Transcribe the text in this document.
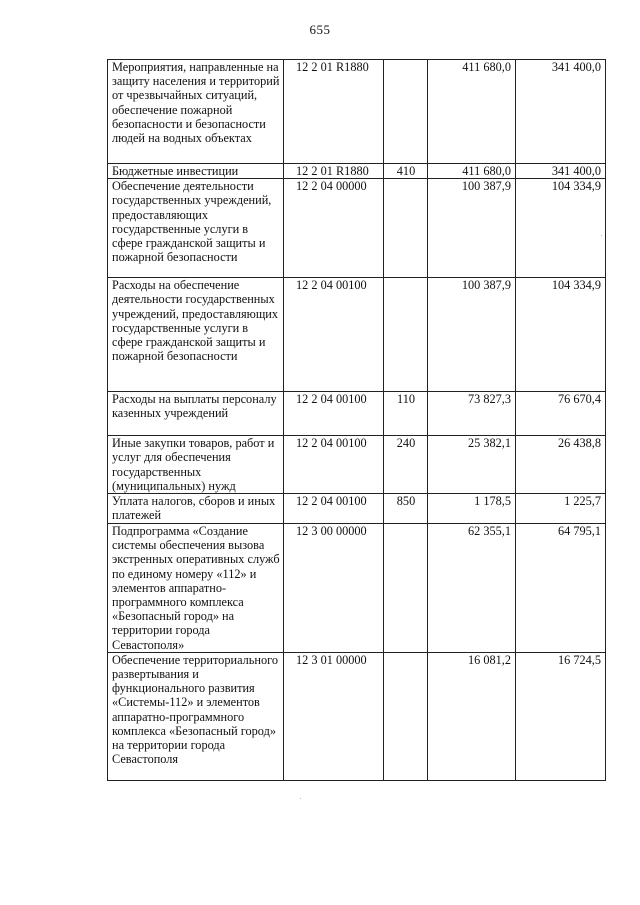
655
Мероприятия, направленные на защиту населения и территорий от чрезвычайных ситуаций, обеспечение пожарной безопасности и безопасности людей на водных объектах	12 2 01 R1880		411 680,0	341 400,0
Бюджетные инвестиции	12 2 01 R1880	410	411 680,0	341 400,0
Обеспечение деятельности государственных учреждений, предоставляющих государственные услуги в сфере гражданской защиты и пожарной безопасности	12 2 04 00000		100 387,9	104 334,9
Расходы на обеспечение деятельности государственных учреждений, предоставляющих государственные услуги в сфере гражданской защиты и пожарной безопасности	12 2 04 00100		100 387,9	104 334,9
Расходы на выплаты персоналу казенных учреждений	12 2 04 00100	110	73 827,3	76 670,4
Иные закупки товаров, работ и услуг для обеспечения государственных (муниципальных) нужд	12 2 04 00100	240	25 382,1	26 438,8
Уплата налогов, сборов и иных платежей	12 2 04 00100	850	1 178,5	1 225,7
Подпрограмма «Создание системы обеспечения вызова экстренных оперативных служб по единому номеру «112» и элементов аппаратно-программного комплекса «Безопасный город» на территории города Севастополя»	12 3 00 00000		62 355,1	64 795,1
Обеспечение территориального развертывания и функционального развития «Системы-112» и элементов аппаратно-программного комплекса «Безопасный город» на территории города Севастополя	12 3 01 00000		16 081,2	16 724,5
